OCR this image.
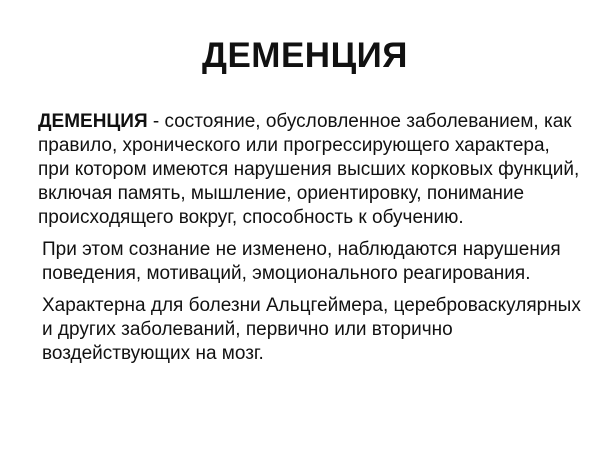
ДЕМЕНЦИЯ

ДЕМЕНЦИЯ - состояние, обусловленное заболеванием, как правило, хронического или прогрессирующего характера, при котором имеются нарушения высших корковых функций, включая память, мышление, ориентировку, понимание происходящего вокруг, способность к обучению.

При этом сознание не изменено, наблюдаются нарушения поведения, мотиваций, эмоционального реагирования.

Характерна для болезни Альцгеймера, цереброваскулярных и других заболеваний, первично или вторично воздействующих на мозг.
